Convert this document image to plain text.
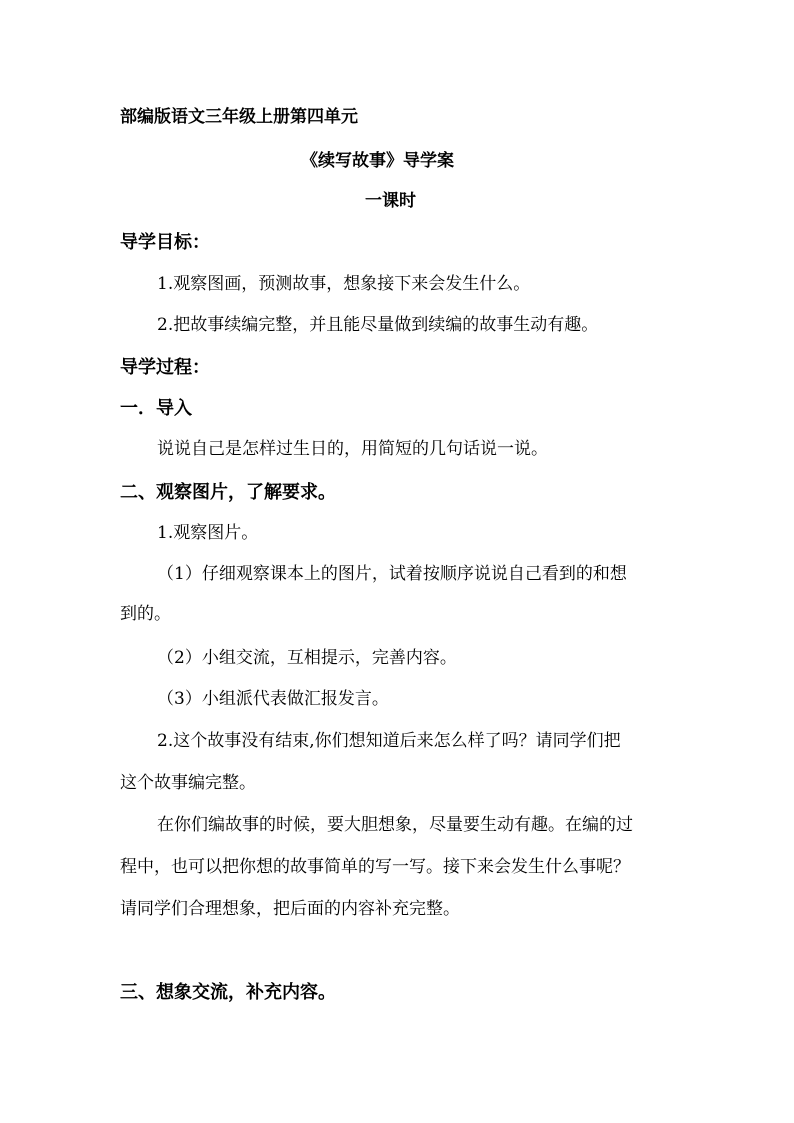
部编版语文三年级上册第四单元
《续写故事》导学案
一课时
导学目标：
1.观察图画，预测故事，想象接下来会发生什么。
2.把故事续编完整，并且能尽量做到续编的故事生动有趣。
导学过程：
一．导入
说说自己是怎样过生日的，用简短的几句话说一说。
二、观察图片，了解要求。
1.观察图片。
（1）仔细观察课本上的图片，试着按顺序说说自己看到的和想
到的。
（2）小组交流，互相提示，完善内容。
（3）小组派代表做汇报发言。
2.这个故事没有结束,你们想知道后来怎么样了吗？请同学们把
这个故事编完整。
在你们编故事的时候，要大胆想象，尽量要生动有趣。在编的过
程中，也可以把你想的故事简单的写一写。接下来会发生什么事呢？
请同学们合理想象，把后面的内容补充完整。
三、想象交流，补充内容。
